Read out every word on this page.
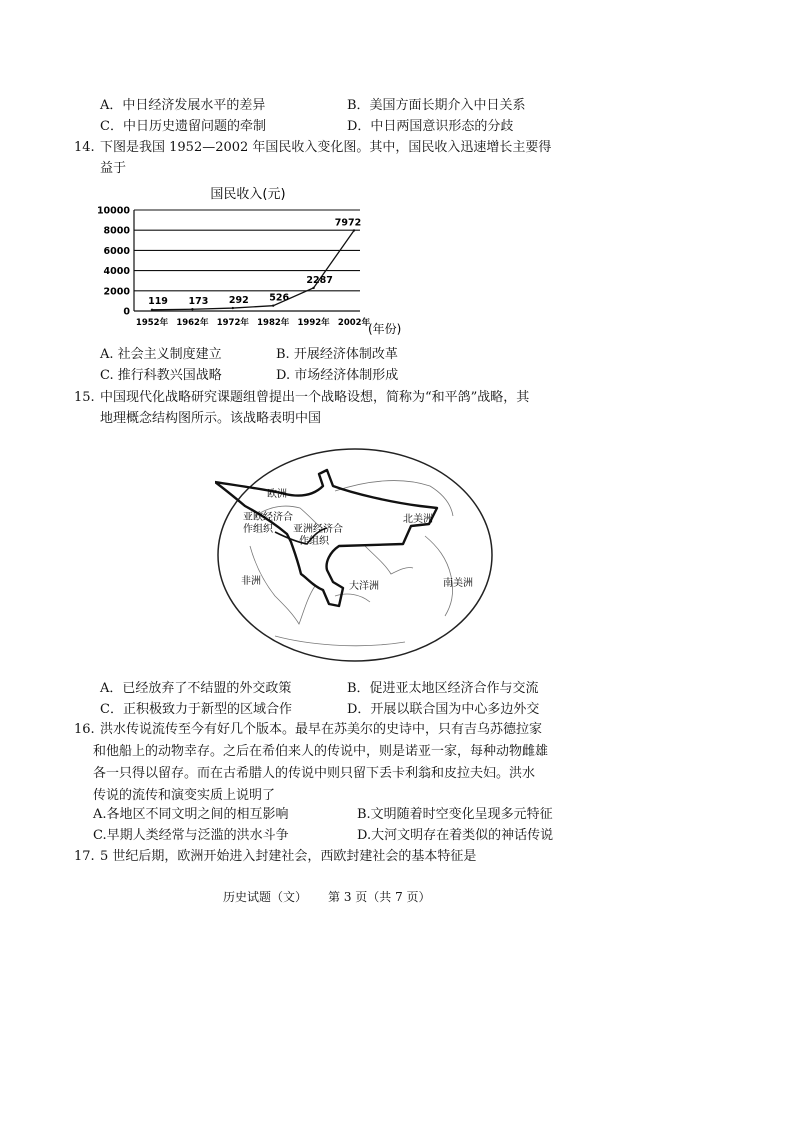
A．中日经济发展水平的差异	B．美国方面长期介入中日关系
C．中日历史遗留问题的牵制	D．中日两国意识形态的分歧
14. 下图是我国 1952—2002 年国民收入变化图。其中，国民收入迅速增长主要得
益于
国民收入(元)
0
2000
4000
6000
8000
10000
1952年 1962年 1972年 1982年 1992年 2002年
119 173 292 526
2287
7972
(年份)
A. 社会主义制度建立	B. 开展经济体制改革
C. 推行科教兴国战略	D. 市场经济体制形成
15. 中国现代化战略研究课题组曾提出一个战略设想，简称为“和平鸽”战略，其
地理概念结构图所示。该战略表明中国
欧洲
亚欧经济合
作组织 亚洲经济合
作组织
北美洲
非洲	大洋洲	南美洲
A．已经放弃了不结盟的外交政策	B．促进亚太地区经济合作与交流
C．正积极致力于新型的区域合作	D．开展以联合国为中心多边外交
16. 洪水传说流传至今有好几个版本。最早在苏美尔的史诗中，只有吉乌苏德拉家
和他船上的动物幸存。之后在希伯来人的传说中，则是诺亚一家，每种动物雌雄
各一只得以留存。而在古希腊人的传说中则只留下丢卡利翁和皮拉夫妇。洪水
传说的流传和演变实质上说明了
A.各地区不同文明之间的相互影响	B.文明随着时空变化呈现多元特征
C.早期人类经常与泛滥的洪水斗争	D.大河文明存在着类似的神话传说
17. 5 世纪后期，欧洲开始进入封建社会，西欧封建社会的基本特征是
历史试题（文） 第 3 页（共 7 页）
